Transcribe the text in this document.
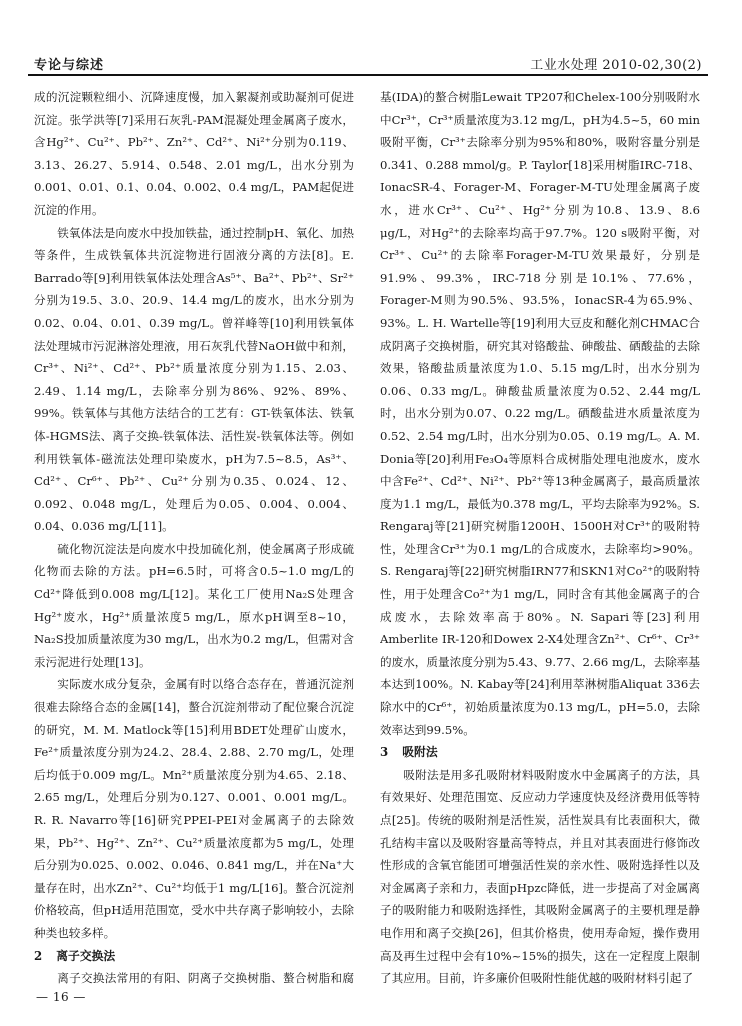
专论与综述	工业水处理 2010-02,30(2)

成的沉淀颗粒细小、沉降速度慢，加入絮凝剂或助凝剂可促进沉淀。张学洪等[7]采用石灰乳-PAM混凝处理金属离子废水，含Hg²⁺、Cu²⁺、Pb²⁺、Zn²⁺、Cd²⁺、Ni²⁺分别为0.119、3.13、26.27、5.914、0.548、2.01 mg/L，出水分别为0.001、0.01、0.1、0.04、0.002、0.4 mg/L，PAM起促进沉淀的作用。

铁氧体法是向废水中投加铁盐，通过控制pH、氧化、加热等条件，生成铁氧体共沉淀物进行固液分离的方法[8]。E. Barrado等[9]利用铁氧体法处理含As⁵⁺、Ba²⁺、Pb²⁺、Sr²⁺分别为19.5、3.0、20.9、14.4 mg/L的废水，出水分别为0.02、0.04、0.01、0.39 mg/L。曾祥峰等[10]利用铁氧体法处理城市污泥淋溶处理液，用石灰乳代替NaOH做中和剂，Cr³⁺、Ni²⁺、Cd²⁺、Pb²⁺质量浓度分别为1.15、2.03、2.49、1.14 mg/L，去除率分别为86%、92%、89%、99%。铁氧体与其他方法结合的工艺有：GT-铁氧体法、铁氧体-HGMS法、离子交换-铁氧体法、活性炭-铁氧体法等。例如利用铁氧体-磁流法处理印染废水，pH为7.5~8.5，As³⁺、Cd²⁺、Cr⁶⁺、Pb²⁺、Cu²⁺分别为0.35、0.024、12、0.092、0.048 mg/L，处理后为0.05、0.004、0.004、0.04、0.036 mg/L[11]。

硫化物沉淀法是向废水中投加硫化剂，使金属离子形成硫化物而去除的方法。pH=6.5时，可将含0.5~1.0 mg/L的Cd²⁺降低到0.008 mg/L[12]。某化工厂使用Na₂S处理含Hg²⁺废水，Hg²⁺质量浓度5 mg/L，原水pH调至8~10，Na₂S投加质量浓度为30 mg/L，出水为0.2 mg/L，但需对含汞污泥进行处理[13]。

实际废水成分复杂，金属有时以络合态存在，普通沉淀剂很难去除络合态的金属[14]，螯合沉淀剂带动了配位聚合沉淀的研究，M. M. Matlock等[15]利用BDET处理矿山废水，Fe²⁺质量浓度分别为24.2、28.4、2.88、2.70 mg/L，处理后均低于0.009 mg/L。Mn²⁺质量浓度分别为4.65、2.18、2.65 mg/L，处理后分别为0.127、0.001、0.001 mg/L。R. R. Navarro等[16]研究PPEI-PEI对金属离子的去除效果，Pb²⁺、Hg²⁺、Zn²⁺、Cu²⁺质量浓度都为5 mg/L，处理后分别为0.025、0.002、0.046、0.841 mg/L，并在Na⁺大量存在时，出水Zn²⁺、Cu²⁺均低于1 mg/L[16]。螯合沉淀剂价格较高，但pH适用范围宽，受水中共存离子影响较小，去除种类也较多样。

2 离子交换法

离子交换法常用的有阳、阴离子交换树脂、螯合树脂和腐

基(IDA)的螯合树脂Lewait TP207和Chelex-100分别吸附水中Cr³⁺，Cr³⁺质量浓度为3.12 mg/L，pH为4.5~5，60 min吸附平衡，Cr³⁺去除率分别为95%和80%，吸附容量分别是0.341、0.288 mmol/g。P. Taylor[18]采用树脂IRC-718、IonacSR-4、Forager-M、Forager-M-TU处理金属离子废水，进水Cr³⁺、Cu²⁺、Hg²⁺分别为10.8、13.9、8.6 μg/L，对Hg²⁺的去除率均高于97.7%。120 s吸附平衡，对Cr³⁺、Cu²⁺的去除率Forager-M-TU效果最好，分别是91.9%、99.3%，IRC-718分别是10.1%、77.6%，Forager-M则为90.5%、93.5%，IonacSR-4为65.9%、93%。L. H. Wartelle等[19]利用大豆皮和醚化剂CHMAC合成阴离子交换树脂，研究其对铬酸盐、砷酸盐、硒酸盐的去除效果，铬酸盐质量浓度为1.0、5.15 mg/L时，出水分别为0.06、0.33 mg/L。砷酸盐质量浓度为0.52、2.44 mg/L时，出水分别为0.07、0.22 mg/L。硒酸盐进水质量浓度为0.52、2.54 mg/L时，出水分别为0.05、0.19 mg/L。A. M. Donia等[20]利用Fe₃O₄等原料合成树脂处理电池废水，废水中含Fe²⁺、Cd²⁺、Ni²⁺、Pb²⁺等13种金属离子，最高质量浓度为1.1 mg/L，最低为0.378 mg/L，平均去除率为92%。S. Rengaraj等[21]研究树脂1200H、1500H对Cr³⁺的吸附特性，处理含Cr³⁺为0.1 mg/L的合成废水，去除率均>90%。S. Rengaraj等[22]研究树脂IRN77和SKN1对Co²⁺的吸附特性，用于处理含Co²⁺为1 mg/L，同时含有其他金属离子的合成废水，去除效率高于80%。N. Sapari等[23]利用Amberlite IR-120和Dowex 2-X4处理含Zn²⁺、Cr⁶⁺、Cr³⁺的废水，质量浓度分别为5.43、9.77、2.66 mg/L，去除率基本达到100%。N. Kabay等[24]利用萃淋树脂Aliquat 336去除水中的Cr⁶⁺，初始质量浓度为0.13 mg/L，pH=5.0，去除效率达到99.5%。

3 吸附法

吸附法是用多孔吸附材料吸附废水中金属离子的方法，具有效果好、处理范围宽、反应动力学速度快及经济费用低等特点[25]。传统的吸附剂是活性炭，活性炭具有比表面积大，微孔结构丰富以及吸附容量高等特点，并且对其表面进行修饰改性形成的含氧官能团可增强活性炭的亲水性、吸附选择性以及对金属离子亲和力，表面pHpzc降低，进一步提高了对金属离子的吸附能力和吸附选择性，其吸附金属离子的主要机理是静电作用和离子交换[26]，但其价格贵，使用寿命短，操作费用高及再生过程中会有10%~15%的损失，这在一定程度上限制了其应用。目前，许多廉价但吸附性能优越的吸附材料引起了

— 16 —
